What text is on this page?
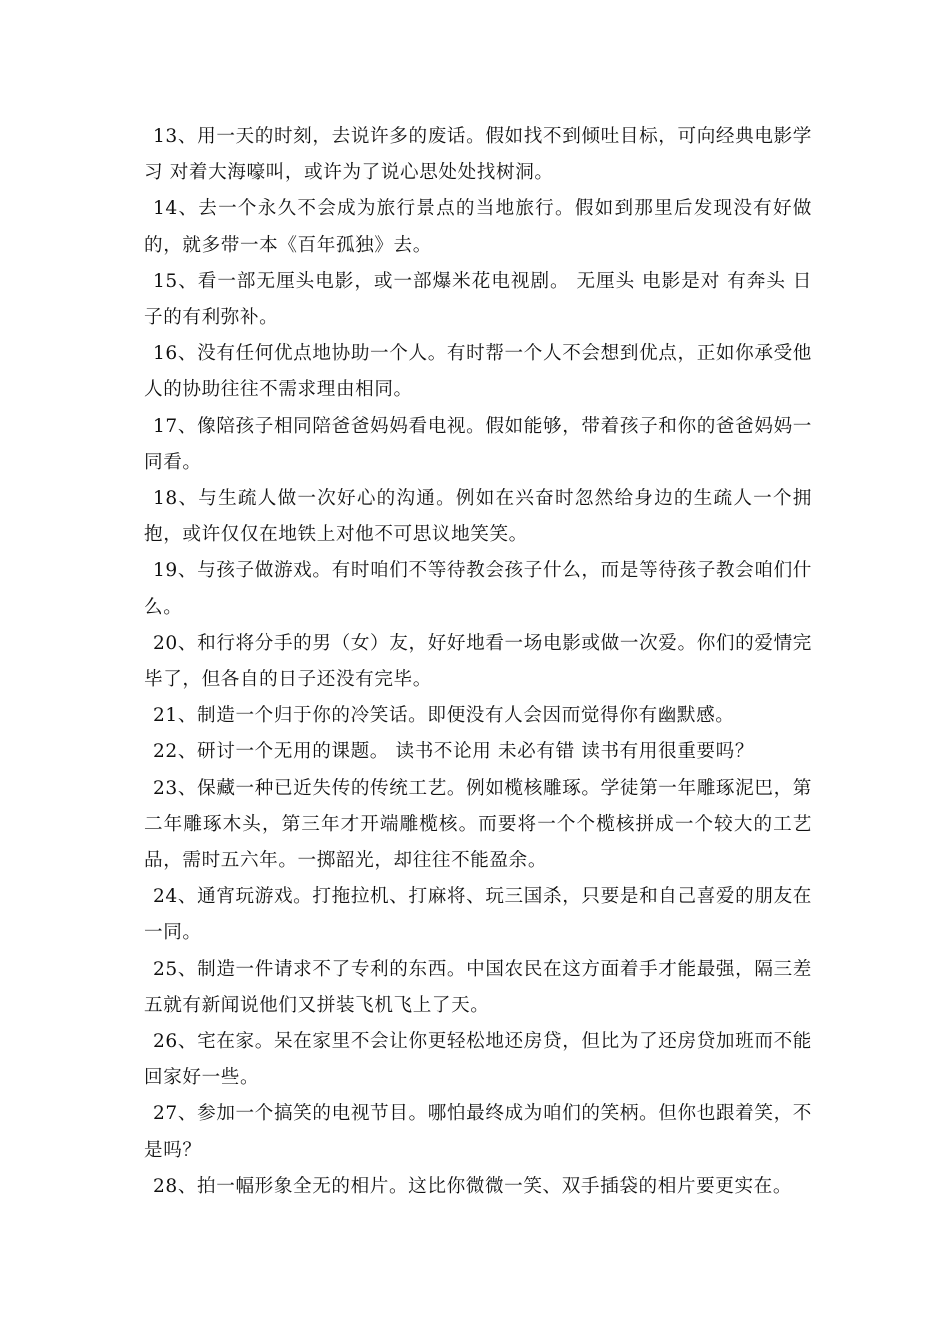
13、用一天的时刻，去说许多的废话。假如找不到倾吐目标，可向经典电影学习 对着大海嚎叫，或许为了说心思处处找树洞。

14、去一个永久不会成为旅行景点的当地旅行。假如到那里后发现没有好做的，就多带一本《百年孤独》去。

15、看一部无厘头电影，或一部爆米花电视剧。 无厘头 电影是对 有奔头 日子的有利弥补。

16、没有任何优点地协助一个人。有时帮一个人不会想到优点，正如你承受他人的协助往往不需求理由相同。

17、像陪孩子相同陪爸爸妈妈看电视。假如能够，带着孩子和你的爸爸妈妈一同看。

18、与生疏人做一次好心的沟通。例如在兴奋时忽然给身边的生疏人一个拥抱，或许仅仅在地铁上对他不可思议地笑笑。

19、与孩子做游戏。有时咱们不等待教会孩子什么，而是等待孩子教会咱们什么。

20、和行将分手的男（女）友，好好地看一场电影或做一次爱。你们的爱情完毕了，但各自的日子还没有完毕。

21、制造一个归于你的冷笑话。即便没有人会因而觉得你有幽默感。

22、研讨一个无用的课题。 读书不论用 未必有错 读书有用很重要吗？

23、保藏一种已近失传的传统工艺。例如榄核雕琢。学徒第一年雕琢泥巴，第二年雕琢木头，第三年才开端雕榄核。而要将一个个榄核拼成一个较大的工艺品，需时五六年。一掷韶光，却往往不能盈余。

24、通宵玩游戏。打拖拉机、打麻将、玩三国杀，只要是和自己喜爱的朋友在一同。

25、制造一件请求不了专利的东西。中国农民在这方面着手才能最强，隔三差五就有新闻说他们又拼装飞机飞上了天。

26、宅在家。呆在家里不会让你更轻松地还房贷，但比为了还房贷加班而不能回家好一些。

27、参加一个搞笑的电视节目。哪怕最终成为咱们的笑柄。但你也跟着笑，不是吗？

28、拍一幅形象全无的相片。这比你微微一笑、双手插袋的相片要更实在。
